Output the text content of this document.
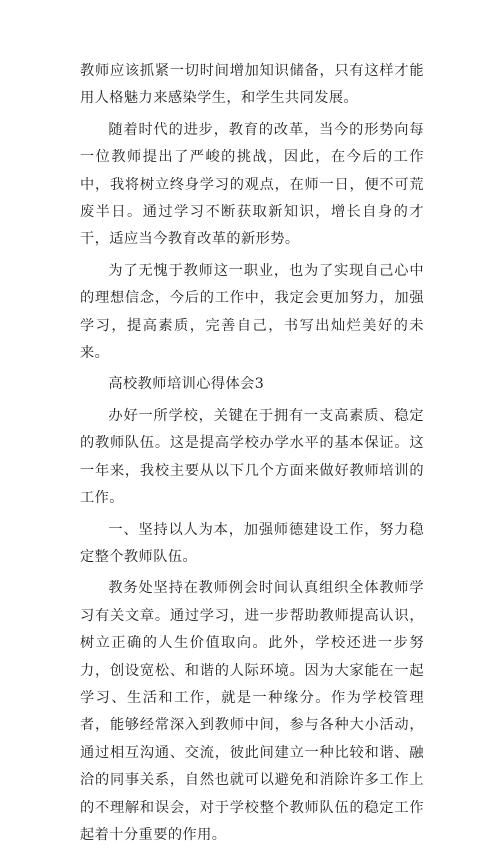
教师应该抓紧一切时间增加知识储备，只有这样才能用人格魅力来感染学生，和学生共同发展。

随着时代的进步，教育的改革，当今的形势向每一位教师提出了严峻的挑战，因此，在今后的工作中，我将树立终身学习的观点，在师一日，便不可荒废半日。通过学习不断获取新知识，增长自身的才干，适应当今教育改革的新形势。

为了无愧于教师这一职业，也为了实现自己心中的理想信念，今后的工作中，我定会更加努力，加强学习，提高素质，完善自己，书写出灿烂美好的未来。

高校教师培训心得体会3

办好一所学校，关键在于拥有一支高素质、稳定的教师队伍。这是提高学校办学水平的基本保证。这一年来，我校主要从以下几个方面来做好教师培训的工作。

一、坚持以人为本，加强师德建设工作，努力稳定整个教师队伍。

教务处坚持在教师例会时间认真组织全体教师学习有关文章。通过学习，进一步帮助教师提高认识，树立正确的人生价值取向。此外，学校还进一步努力，创设宽松、和谐的人际环境。因为大家能在一起学习、生活和工作，就是一种缘分。作为学校管理者，能够经常深入到教师中间，参与各种大小活动，通过相互沟通、交流，彼此间建立一种比较和谐、融洽的同事关系，自然也就可以避免和消除许多工作上的不理解和误会，对于学校整个教师队伍的稳定工作起着十分重要的作用。
